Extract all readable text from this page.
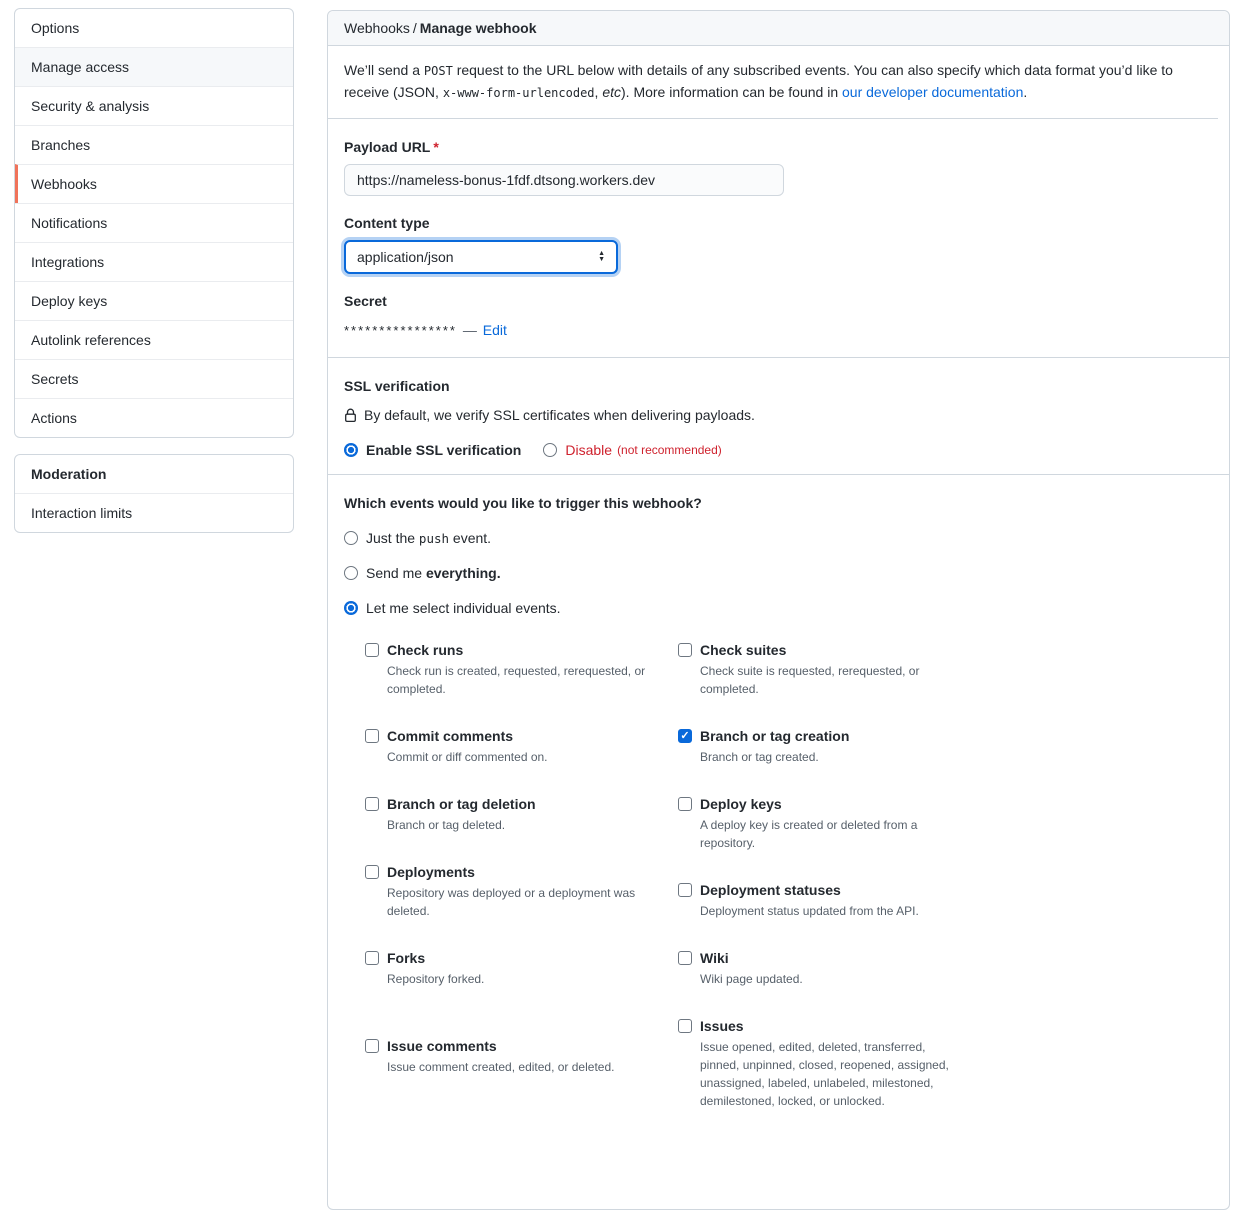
Options
Manage access
Security & analysis
Branches
Webhooks
Notifications
Integrations
Deploy keys
Autolink references
Secrets
Actions
Moderation
Interaction limits
Webhooks / Manage webhook
We’ll send a POST request to the URL below with details of any subscribed events. You can also specify which data format you’d like to receive (JSON, x-www-form-urlencoded, etc). More information can be found in our developer documentation.
Payload URL *
https://nameless-bonus-1fdf.dtsong.workers.dev
Content type
application/json	▲
▼
Secret
**************** — Edit
SSL verification
By default, we verify SSL certificates when delivering payloads.
Enable SSL verification	Disable (not recommended)
Which events would you like to trigger this webhook?
Just the push event.
Send me everything.
Let me select individual events.
Check runs
Check run is created, requested, rerequested, or completed.
Commit comments
Commit or diff commented on.
Branch or tag deletion
Branch or tag deleted.
Deployments
Repository was deployed or a deployment was deleted.
Forks
Repository forked.
Issue comments
Issue comment created, edited, or deleted.
Check suites
Check suite is requested, rerequested, or completed.
✓ Branch or tag creation
Branch or tag created.
Deploy keys
A deploy key is created or deleted from a repository.
Deployment statuses
Deployment status updated from the API.
Wiki
Wiki page updated.
Issues
Issue opened, edited, deleted, transferred, pinned, unpinned, closed, reopened, assigned, unassigned, labeled, unlabeled, milestoned, demilestoned, locked, or unlocked.
